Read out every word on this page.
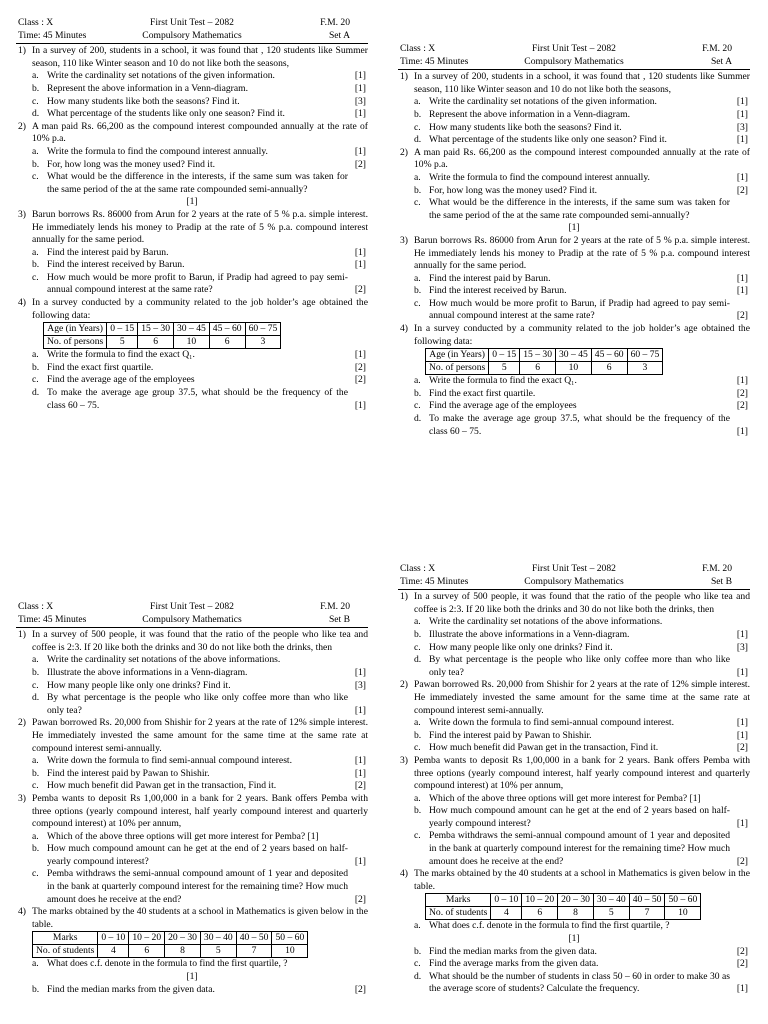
Class : X	First Unit Test – 2082	F.M. 20
Time: 45 Minutes	Compulsory Mathematics	Set A
1) In a survey of 200, students in a school, it was found that , 120 students like Summer season, 110 like Winter season and 10 do not like both the seasons,
a. Write the cardinality set notations of the given information.	[1]
b. Represent the above information in a Venn-diagram.	[1]
c. How many students like both the seasons? Find it.	[3]
d. What percentage of the students like only one season? Find it.	[1]
2) A man paid Rs. 66,200 as the compound interest compounded annually at the rate of 10% p.a.
a. Write the formula to find the compound interest annually.	[1]
b. For, how long was the money used? Find it.	[2]
c. What would be the difference in the interests, if the same sum was taken for the same period of the at the same rate compounded semi-annually?
[1]
3) Barun borrows Rs. 86000 from Arun for 2 years at the rate of 5 % p.a. simple interest. He immediately lends his money to Pradip at the rate of 5 % p.a. compound interest annually for the same period.
a. Find the interest paid by Barun.	[1]
b. Find the interest received by Barun.	[1]
c. How much would be more profit to Barun, if Pradip had agreed to pay semi-annual compound interest at the same rate?	[2]
4) In a survey conducted by a community related to the job holder’s age obtained the following data:
Age (in Years)	0 – 15	15 – 30	30 – 45	45 – 60	60 – 75
No. of persons	5	6	10	6	3
a. Write the formula to find the exact Q₁.	[1]
b. Find the exact first quartile.	[2]
c. Find the average age of the employees	[2]
d. To make the average age group 37.5, what should be the frequency of the class 60 – 75.	[1]
Class : X	First Unit Test – 2082	F.M. 20
Time: 45 Minutes	Compulsory Mathematics	Set A
1) In a survey of 200, students in a school, it was found that , 120 students like Summer season, 110 like Winter season and 10 do not like both the seasons,
a. Write the cardinality set notations of the given information.	[1]
b. Represent the above information in a Venn-diagram.	[1]
c. How many students like both the seasons? Find it.	[3]
d. What percentage of the students like only one season? Find it.	[1]
2) A man paid Rs. 66,200 as the compound interest compounded annually at the rate of 10% p.a.
a. Write the formula to find the compound interest annually.	[1]
b. For, how long was the money used? Find it.	[2]
c. What would be the difference in the interests, if the same sum was taken for the same period of the at the same rate compounded semi-annually?
[1]
3) Barun borrows Rs. 86000 from Arun for 2 years at the rate of 5 % p.a. simple interest. He immediately lends his money to Pradip at the rate of 5 % p.a. compound interest annually for the same period.
a. Find the interest paid by Barun.	[1]
b. Find the interest received by Barun.	[1]
c. How much would be more profit to Barun, if Pradip had agreed to pay semi-annual compound interest at the same rate?	[2]
4) In a survey conducted by a community related to the job holder’s age obtained the following data:
Age (in Years)	0 – 15	15 – 30	30 – 45	45 – 60	60 – 75
No. of persons	5	6	10	6	3
a. Write the formula to find the exact Q₁.	[1]
b. Find the exact first quartile.	[2]
c. Find the average age of the employees	[2]
d. To make the average age group 37.5, what should be the frequency of the class 60 – 75.	[1]
Class : X	First Unit Test – 2082	F.M. 20
Time: 45 Minutes	Compulsory Mathematics	Set B
1) In a survey of 500 people, it was found that the ratio of the people who like tea and coffee is 2:3. If 20 like both the drinks and 30 do not like both the drinks, then
a. Write the cardinality set notations of the above informations.
b. Illustrate the above informations in a Venn-diagram.	[1]
c. How many people like only one drinks? Find it.	[3]
d. By what percentage is the people who like only coffee more than who like only tea?	[1]
2) Pawan borrowed Rs. 20,000 from Shishir for 2 years at the rate of 12% simple interest. He immediately invested the same amount for the same time at the same rate at compound interest semi-annually.
a. Write down the formula to find semi-annual compound interest.	[1]
b. Find the interest paid by Pawan to Shishir.	[1]
c. How much benefit did Pawan get in the transaction, Find it.	[2]
3) Pemba wants to deposit Rs 1,00,000 in a bank for 2 years. Bank offers Pemba with three options (yearly compound interest, half yearly compound interest and quarterly compound interest) at 10% per annum,
a. Which of the above three options will get more interest for Pemba? [1]
b. How much compound amount can he get at the end of 2 years based on half-yearly compound interest?	[1]
c. Pemba withdraws the semi-annual compound amount of 1 year and deposited in the bank at quarterly compound interest for the remaining time? How much amount does he receive at the end?	[2]
4) The marks obtained by the 40 students at a school in Mathematics is given below in the table.
Marks	0 – 10	10 – 20	20 – 30	30 – 40	40 – 50	50 – 60
No. of students	4	6	8	5	7	10
a. What does c.f. denote in the formula to find the first quartile, ?
[1]
b. Find the median marks from the given data.	[2]
Class : X	First Unit Test – 2082	F.M. 20
Time: 45 Minutes	Compulsory Mathematics	Set B
1) In a survey of 500 people, it was found that the ratio of the people who like tea and coffee is 2:3. If 20 like both the drinks and 30 do not like both the drinks, then
a. Write the cardinality set notations of the above informations.
b. Illustrate the above informations in a Venn-diagram.	[1]
c. How many people like only one drinks? Find it.	[3]
d. By what percentage is the people who like only coffee more than who like only tea?	[1]
2) Pawan borrowed Rs. 20,000 from Shishir for 2 years at the rate of 12% simple interest. He immediately invested the same amount for the same time at the same rate at compound interest semi-annually.
a. Write down the formula to find semi-annual compound interest.	[1]
b. Find the interest paid by Pawan to Shishir.	[1]
c. How much benefit did Pawan get in the transaction, Find it.	[2]
3) Pemba wants to deposit Rs 1,00,000 in a bank for 2 years. Bank offers Pemba with three options (yearly compound interest, half yearly compound interest and quarterly compound interest) at 10% per annum,
a. Which of the above three options will get more interest for Pemba? [1]
b. How much compound amount can he get at the end of 2 years based on half-yearly compound interest?	[1]
c. Pemba withdraws the semi-annual compound amount of 1 year and deposited in the bank at quarterly compound interest for the remaining time? How much amount does he receive at the end?	[2]
4) The marks obtained by the 40 students at a school in Mathematics is given below in the table.
Marks	0 – 10	10 – 20	20 – 30	30 – 40	40 – 50	50 – 60
No. of students	4	6	8	5	7	10
a. What does c.f. denote in the formula to find the first quartile, ?
[1]
b. Find the median marks from the given data.	[2]
c. Find the average marks from the given data.	[2]
d. What should be the number of students in class 50 – 60 in order to make 30 as the average score of students? Calculate the frequency.	[1]
